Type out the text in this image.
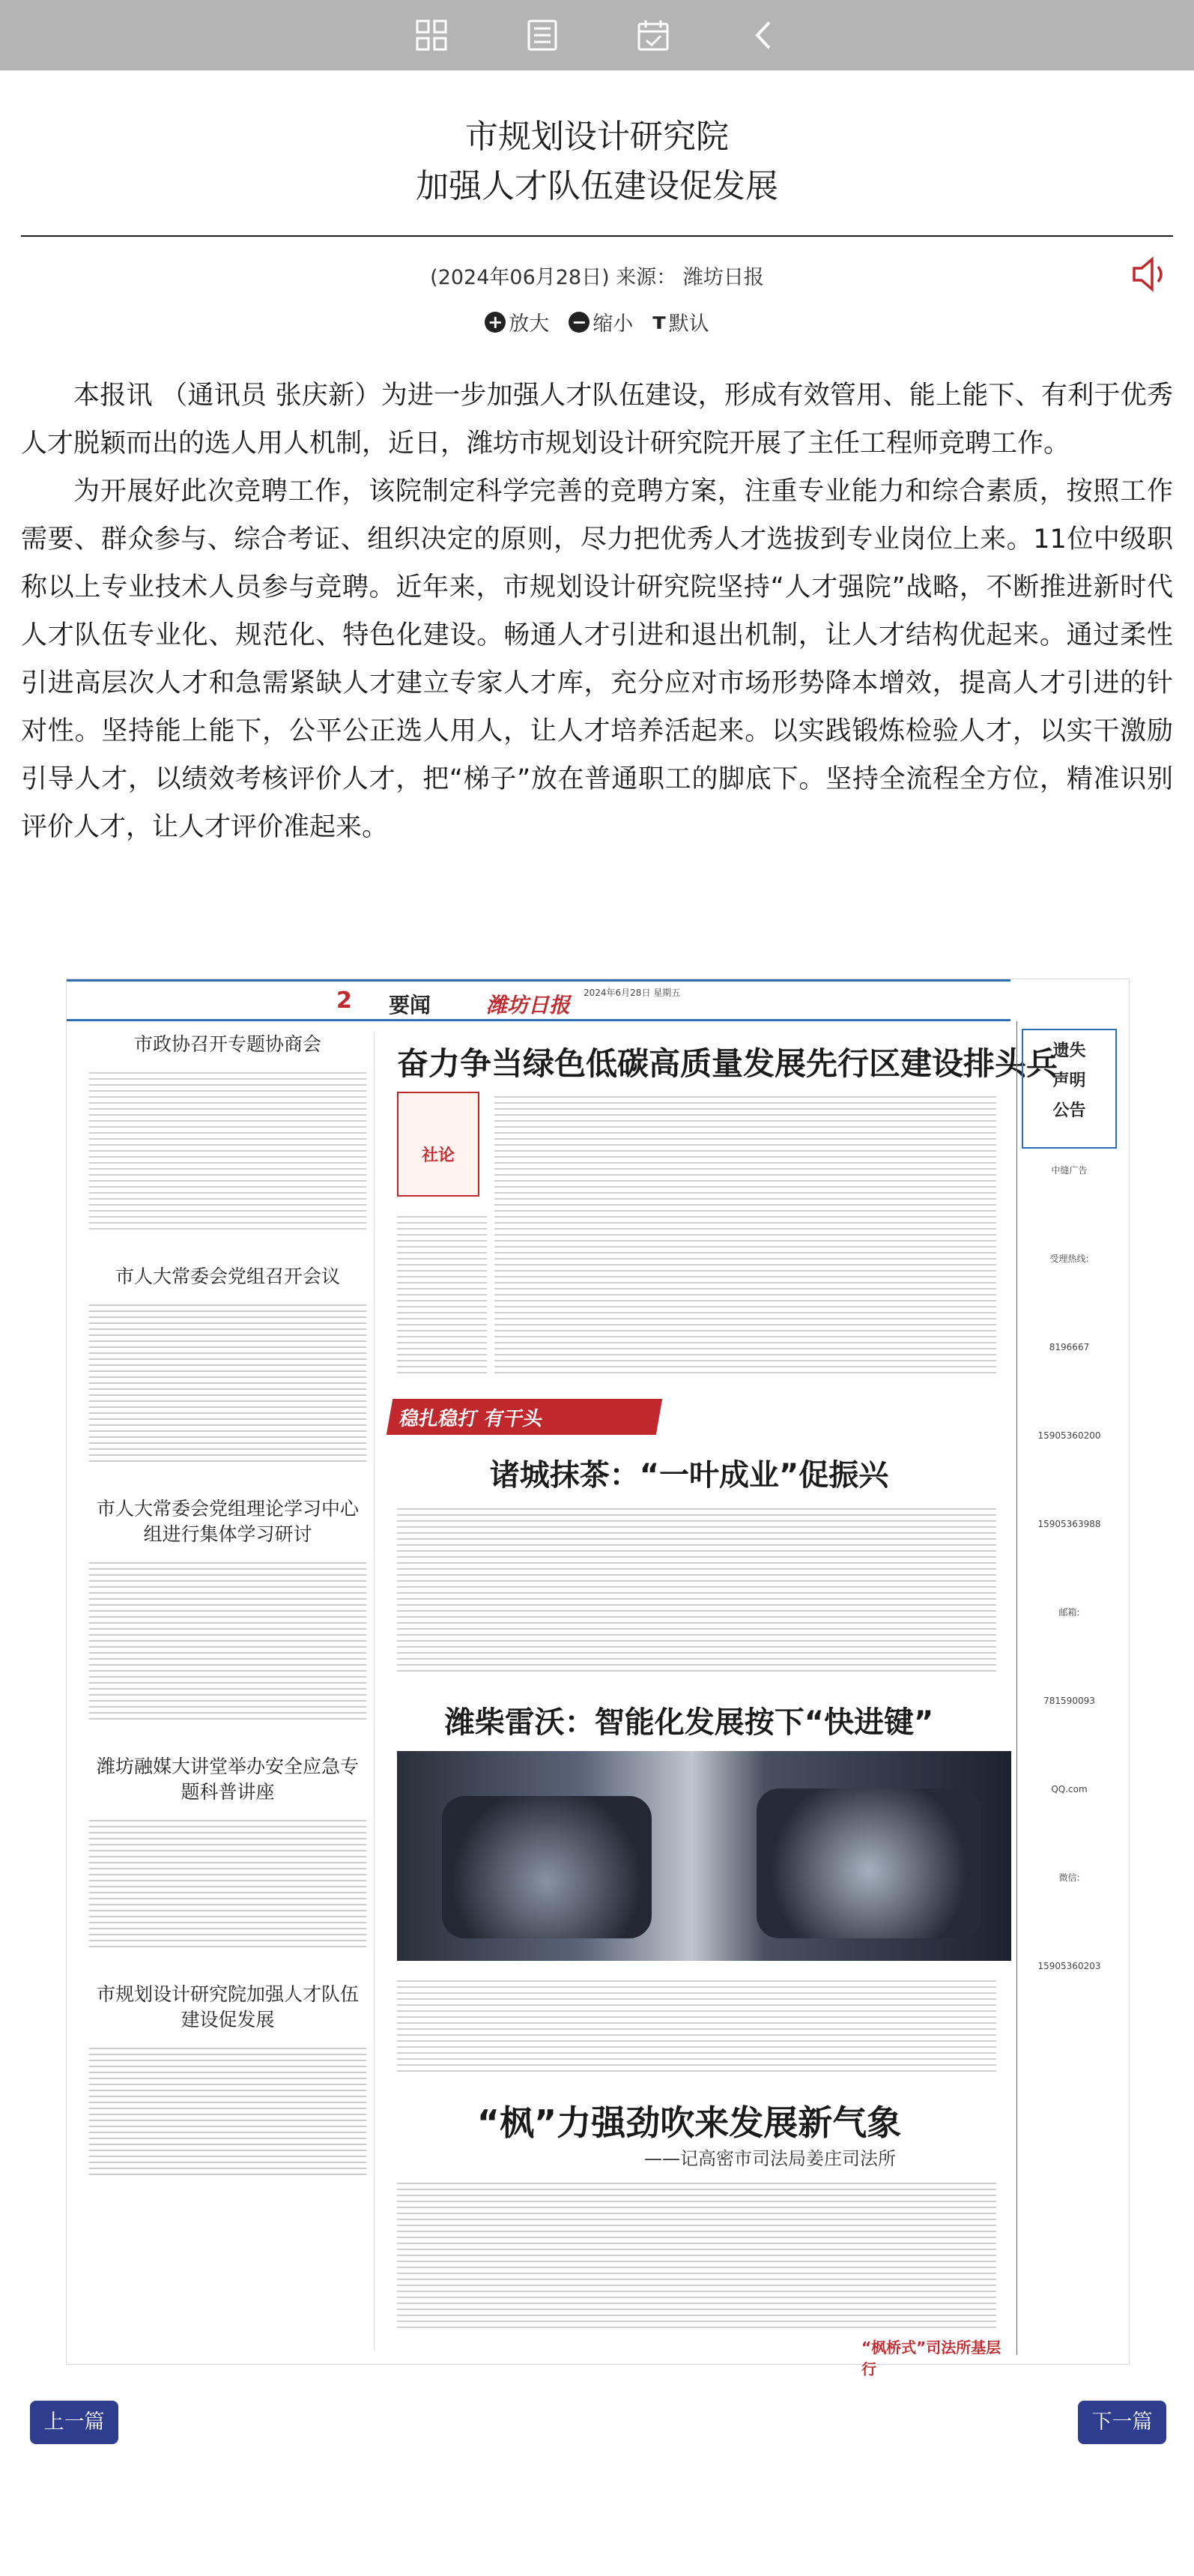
市规划设计研究院
加强人才队伍建设促发展
(2024年06月28日) 来源： 潍坊日报
+ 放大 − 缩小 т 默认

本报讯 （通讯员 张庆新）为进一步加强人才队伍建设，形成有效管用、能上能下、有利于优秀人才脱颖而出的选人用人机制，近日，潍坊市规划设计研究院开展了主任工程师竞聘工作。

为开展好此次竞聘工作，该院制定科学完善的竞聘方案，注重专业能力和综合素质，按照工作需要、群众参与、综合考证、组织决定的原则，尽力把优秀人才选拔到专业岗位上来。11位中级职称以上专业技术人员参与竞聘。近年来，市规划设计研究院坚持“人才强院”战略，不断推进新时代人才队伍专业化、规范化、特色化建设。畅通人才引进和退出机制，让人才结构优起来。通过柔性引进高层次人才和急需紧缺人才建立专家人才库，充分应对市场形势降本增效，提高人才引进的针对性。坚持能上能下，公平公正选人用人，让人才培养活起来。以实践锻炼检验人才，以实干激励引导人才，以绩效考核评价人才，把“梯子”放在普通职工的脚底下。坚持全流程全方位，精准识别评价人才，让人才评价准起来。

2 要闻	潍坊日报 2024年6月28日 星期五
市政协召开专题协商会
市人大常委会党组召开会议
市人大常委会党组理论学习中心组进行集体学习研讨
潍坊融媒大讲堂举办安全应急专题科普讲座
市规划设计研究院加强人才队伍建设促发展
奋力争当绿色低碳高质量发展先行区建设排头兵
社论
稳扎稳打 有干头
诸城抹茶：“一叶成业”促振兴
潍柴雷沃：智能化发展按下“快进键”
“枫”力强劲吹来发展新气象
——记高密市司法局姜庄司法所
“枫桥式”司法所基层行
遗失
声明
公告
中缝广告
受理热线:
8196667
15905360200
15905363988
邮箱:
781590093
QQ.com
微信:
15905360203
上一篇	下一篇
